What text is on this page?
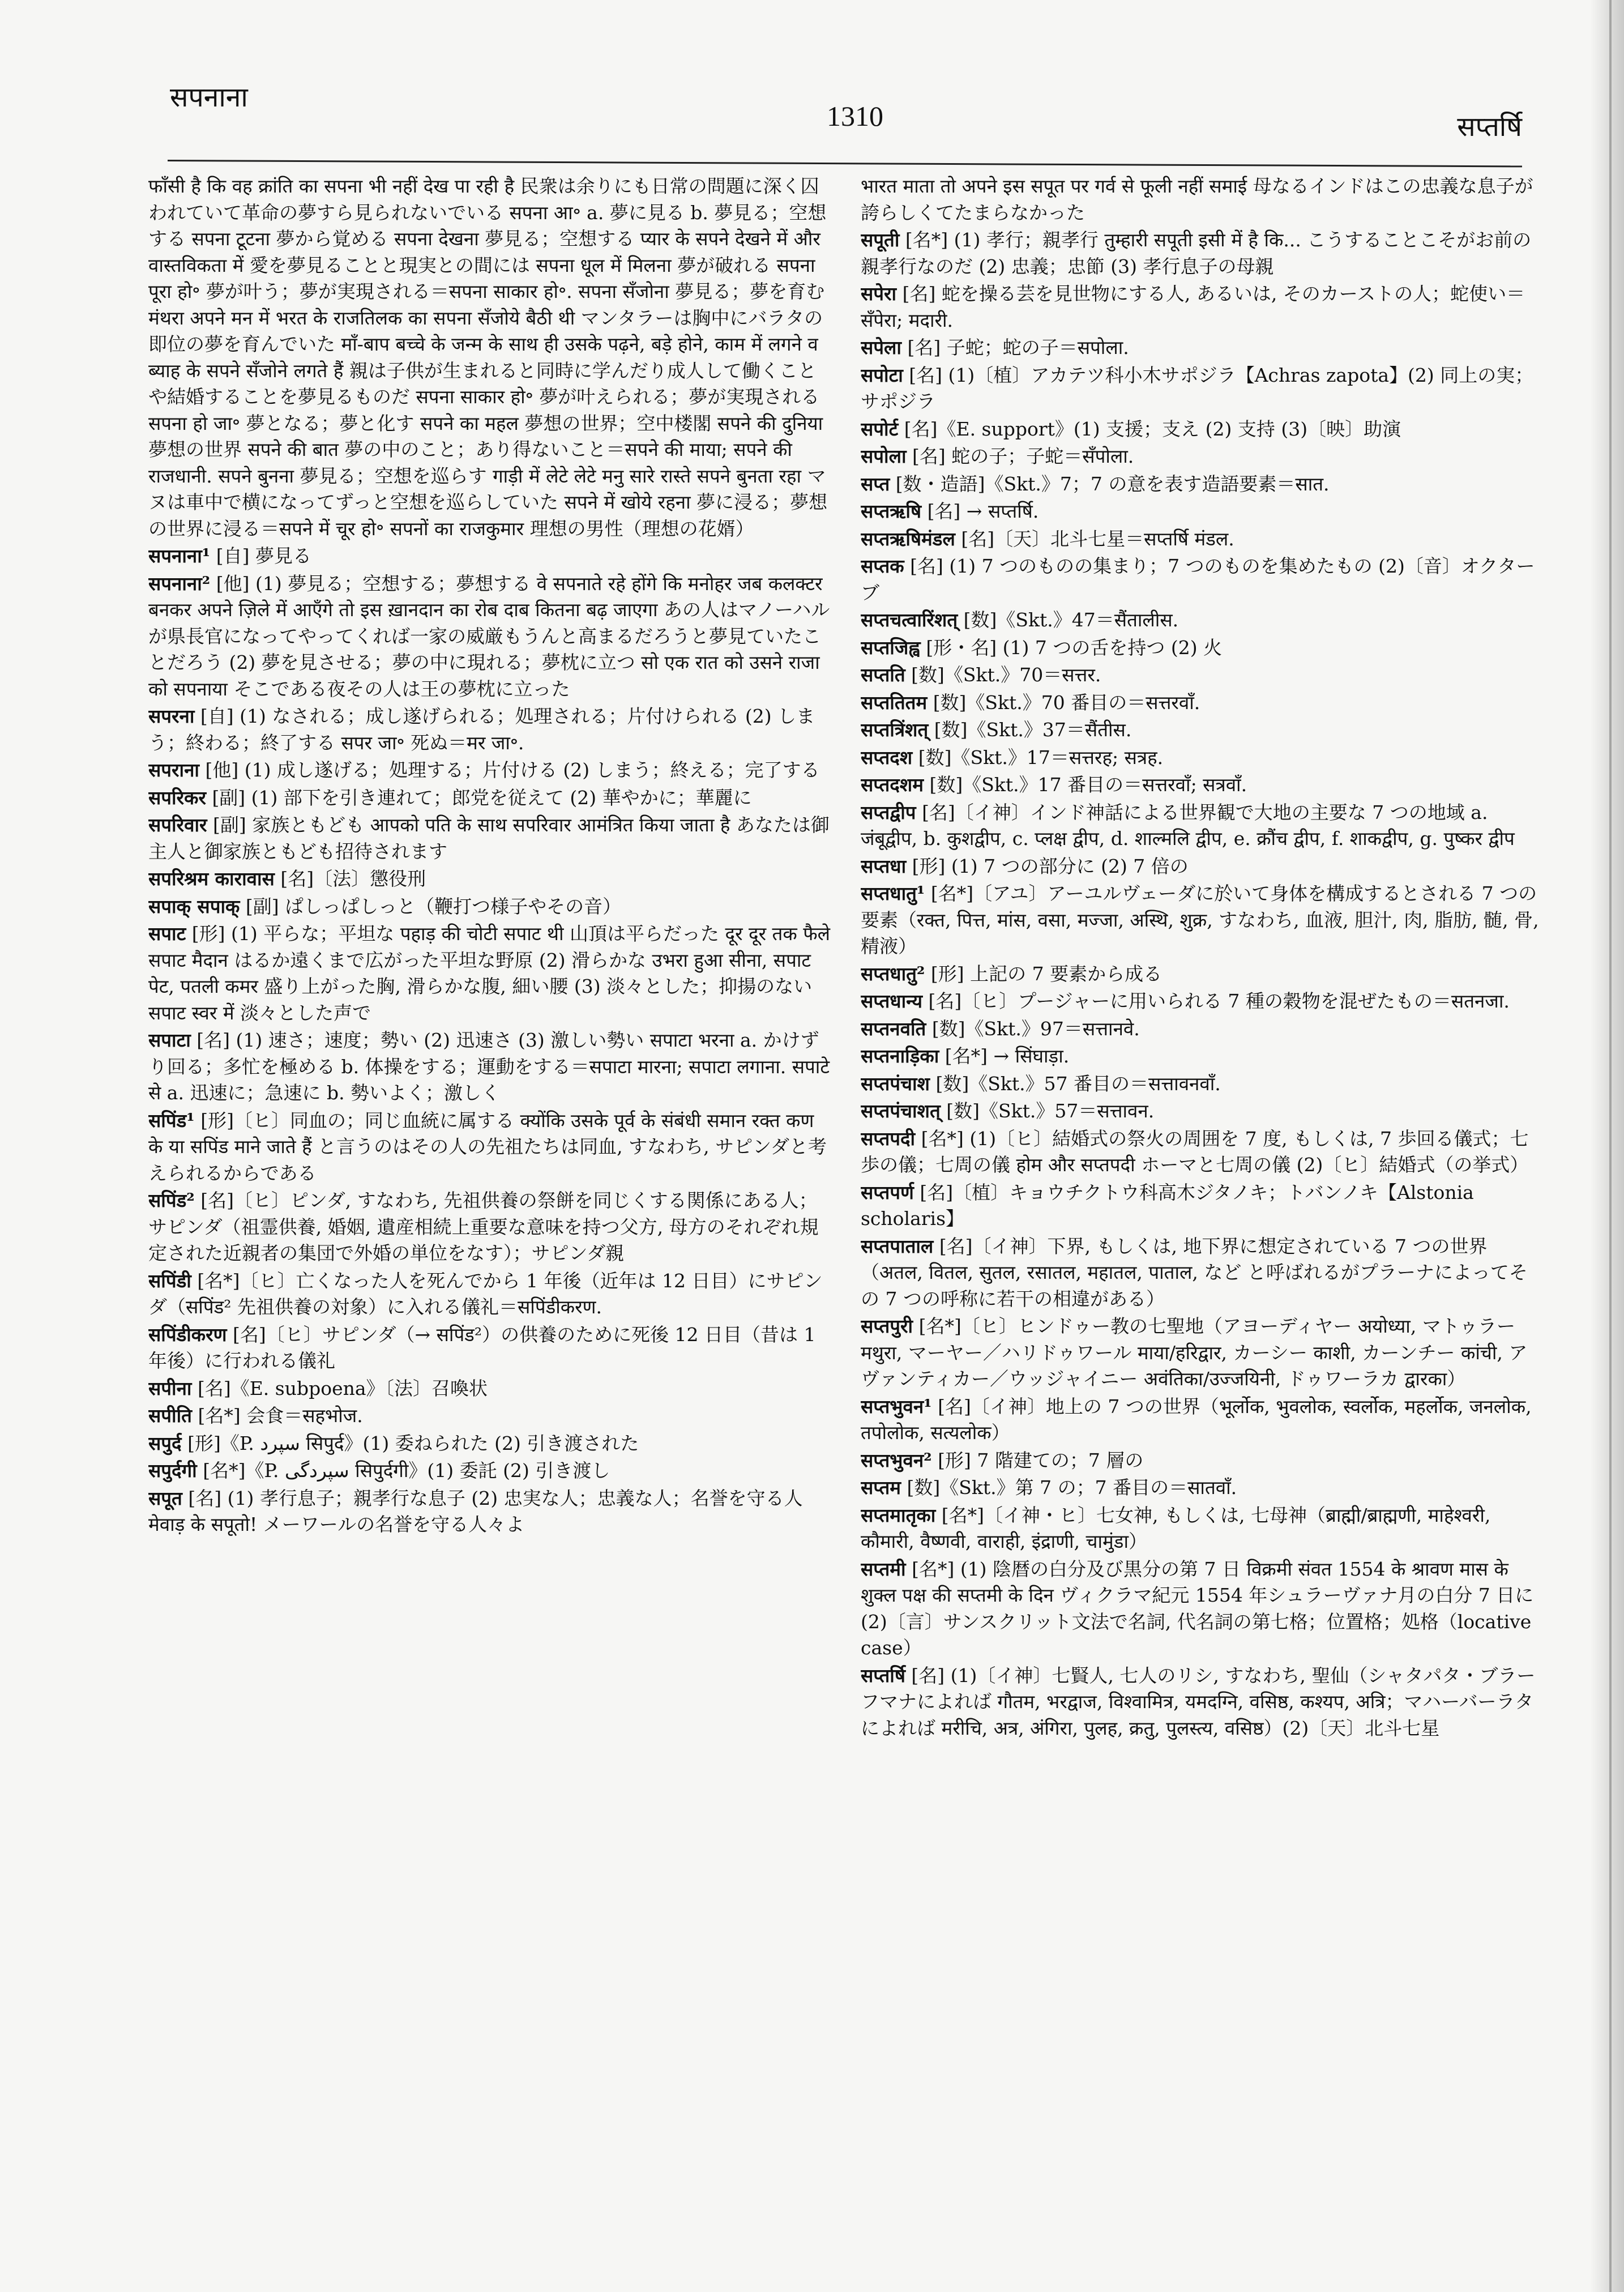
सपनाना
1310	सप्तर्षि
फाँसी है कि वह क्रांति का सपना भी नहीं देख पा रही है 民衆は余りにも日常の問題に深く囚われていて革命の夢すら見られないでいる सपना आ॰ a. 夢に見る b. 夢見る；空想する सपना टूटना 夢から覚める सपना देखना 夢見る；空想する प्यार के सपने देखने में और वास्तविकता में 愛を夢見ることと現実との間には सपना धूल में मिलना 夢が破れる सपना पूरा हो॰ 夢が叶う；夢が実現される＝सपना साकार हो॰. सपना सँजोना 夢見る；夢を育む मंथरा अपने मन में भरत के राजतिलक का सपना सँजोये बैठी थी マンタラーは胸中にバラタの即位の夢を育んでいた माँ-बाप बच्चे के जन्म के साथ ही उसके पढ़ने, बड़े होने, काम में लगने व ब्याह के सपने सँजोने लगते हैं 親は子供が生まれると同時に学んだり成人して働くことや結婚することを夢見るものだ सपना साकार हो॰ 夢が叶えられる；夢が実現される सपना हो जा॰ 夢となる；夢と化す सपने का महल 夢想の世界；空中楼閣 सपने की दुनिया 夢想の世界 सपने की बात 夢の中のこと；あり得ないこと＝सपने की माया; सपने की राजधानी. सपने बुनना 夢見る；空想を巡らす गाड़ी में लेटे लेटे मनु सारे रास्ते सपने बुनता रहा マヌは車中で横になってずっと空想を巡らしていた सपने में खोये रहना 夢に浸る；夢想の世界に浸る＝सपने में चूर हो॰ सपनों का राजकुमार 理想の男性（理想の花婿）
सपनाना¹ [自] 夢見る
सपनाना² [他] (1) 夢見る；空想する；夢想する वे सपनाते रहे होंगे कि मनोहर जब कलक्टर बनकर अपने ज़िले में आएँगे तो इस ख़ानदान का रोब दाब कितना बढ़ जाएगा あの人はマノーハルが県長官になってやってくれば一家の威厳もうんと高まるだろうと夢見ていたことだろう (2) 夢を見させる；夢の中に現れる；夢枕に立つ सो एक रात को उसने राजा को सपनाया そこである夜その人は王の夢枕に立った
सपरना [自] (1) なされる；成し遂げられる；処理される；片付けられる (2) しまう；終わる；終了する सपर जा॰ 死ぬ＝मर जा॰.
सपराना [他] (1) 成し遂げる；処理する；片付ける (2) しまう；終える；完了する
सपरिकर [副] (1) 部下を引き連れて；郎党を従えて (2) 華やかに；華麗に
सपरिवार [副] 家族ともども आपको पति के साथ सपरिवार आमंत्रित किया जाता है あなたは御主人と御家族ともども招待されます
सपरिश्रम कारावास [名]〔法〕懲役刑
सपाक् सपाक् [副] ぱしっぱしっと（鞭打つ様子やその音）
सपाट [形] (1) 平らな；平坦な पहाड़ की चोटी सपाट थी 山頂は平らだった दूर दूर तक फैले सपाट मैदान はるか遠くまで広がった平坦な野原 (2) 滑らかな उभरा हुआ सीना, सपाट पेट, पतली कमर 盛り上がった胸, 滑らかな腹, 細い腰 (3) 淡々とした；抑揚のない सपाट स्वर में 淡々とした声で
सपाटा [名] (1) 速さ；速度；勢い (2) 迅速さ (3) 激しい勢い सपाटा भरना a. かけずり回る；多忙を極める b. 体操をする；運動をする＝सपाटा मारना; सपाटा लगाना. सपाटे से a. 迅速に；急速に b. 勢いよく；激しく
सपिंड¹ [形]〔ヒ〕同血の；同じ血統に属する क्योंकि उसके पूर्व के संबंधी समान रक्त कण के या सपिंड माने जाते हैं と言うのはその人の先祖たちは同血, すなわち, サピンダと考えられるからである
सपिंड² [名]〔ヒ〕ピンダ, すなわち, 先祖供養の祭餅を同じくする関係にある人；サピンダ（祖霊供養, 婚姻, 遺産相続上重要な意味を持つ父方, 母方のそれぞれ規定された近親者の集団で外婚の単位をなす）；サピンダ親
सपिंडी [名*]〔ヒ〕亡くなった人を死んでから 1 年後（近年は 12 日目）にサピンダ（सपिंड² 先祖供養の対象）に入れる儀礼＝सपिंडीकरण.
सपिंडीकरण [名]〔ヒ〕サピンダ（→ सपिंड²）の供養のために死後 12 日目（昔は 1 年後）に行われる儀礼
सपीना [名]《E. subpoena》〔法〕召喚状
सपीति [名*] 会食＝सहभोज.
सपुर्द [形]《P. سپرد सिपुर्द》(1) 委ねられた (2) 引き渡された
सपुर्दगी [名*]《P. سپردگی सिपुर्दगी》(1) 委託 (2) 引き渡し
सपूत [名] (1) 孝行息子；親孝行な息子 (2) 忠実な人；忠義な人；名誉を守る人 मेवाड़ के सपूतो! メーワールの名誉を守る人々よ
भारत माता तो अपने इस सपूत पर गर्व से फूली नहीं समाई 母なるインドはこの忠義な息子が誇らしくてたまらなかった
सपूती [名*] (1) 孝行；親孝行 तुम्हारी सपूती इसी में है कि... こうすることこそがお前の親孝行なのだ (2) 忠義；忠節 (3) 孝行息子の母親
सपेरा [名] 蛇を操る芸を見世物にする人, あるいは, そのカーストの人；蛇使い＝सँपेरा; मदारी.
सपेला [名] 子蛇；蛇の子＝सपोला.
सपोटा [名] (1)〔植〕アカテツ科小木サポジラ【Achras zapota】(2) 同上の実；サポジラ
सपोर्ट [名]《E. support》(1) 支援；支え (2) 支持 (3)〔映〕助演
सपोला [名] 蛇の子；子蛇＝सँपोला.
सप्त [数・造語]《Skt.》7；7 の意を表す造語要素＝सात.
सप्तऋषि [名] → सप्तर्षि.
सप्तऋषिमंडल [名]〔天〕北斗七星＝सप्तर्षि मंडल.
सप्तक [名] (1) 7 つのものの集まり；7 つのものを集めたもの (2)〔音〕オクターブ
सप्तचत्वारिंशत् [数]《Skt.》47＝सैंतालीस.
सप्तजिह्व [形・名] (1) 7 つの舌を持つ (2) 火
सप्तति [数]《Skt.》70＝सत्तर.
सप्ततितम [数]《Skt.》70 番目の＝सत्तरवाँ.
सप्तत्रिंशत् [数]《Skt.》37＝सैंतीस.
सप्तदश [数]《Skt.》17＝सत्तरह; सत्रह.
सप्तदशम [数]《Skt.》17 番目の＝सत्तरवाँ; सत्रवाँ.
सप्तद्वीप [名]〔イ神〕インド神話による世界観で大地の主要な 7 つの地域 a. जंबूद्वीप, b. कुशद्वीप, c. प्लक्ष द्वीप, d. शाल्मलि द्वीप, e. क्रौंच द्वीप, f. शाकद्वीप, g. पुष्कर द्वीप
सप्तधा [形] (1) 7 つの部分に (2) 7 倍の
सप्तधातु¹ [名*]〔アユ〕アーユルヴェーダに於いて身体を構成するとされる 7 つの要素（रक्त, पित्त, मांस, वसा, मज्जा, अस्थि, शुक्र, すなわち, 血液, 胆汁, 肉, 脂肪, 髄, 骨, 精液）
सप्तधातु² [形] 上記の 7 要素から成る
सप्तधान्य [名]〔ヒ〕プージャーに用いられる 7 種の穀物を混ぜたもの＝सतनजा.
सप्तनवति [数]《Skt.》97＝सत्तानवे.
सप्तनाड़िका [名*] → सिंघाड़ा.
सप्तपंचाश [数]《Skt.》57 番目の＝सत्तावनवाँ.
सप्तपंचाशत् [数]《Skt.》57＝सत्तावन.
सप्तपदी [名*] (1)〔ヒ〕結婚式の祭火の周囲を 7 度, もしくは, 7 歩回る儀式；七歩の儀；七周の儀 होम और सप्तपदी ホーマと七周の儀 (2)〔ヒ〕結婚式（の挙式）
सप्तपर्ण [名]〔植〕キョウチクトウ科高木ジタノキ；トバンノキ【Alstonia scholaris】
सप्तपाताल [名]〔イ神〕下界, もしくは, 地下界に想定されている 7 つの世界（अतल, वितल, सुतल, रसातल, महातल, पाताल, など と呼ばれるがプラーナによってその 7 つの呼称に若干の相違がある）
सप्तपुरी [名*]〔ヒ〕ヒンドゥー教の七聖地（アヨーディヤー अयोध्या, マトゥラー मथुरा, マーヤー／ハリドゥワール माया/हरिद्वार, カーシー काशी, カーンチー कांची, アヴァンティカー／ウッジャイニー अवंतिका/उज्जयिनी, ドゥワーラカ द्वारका）
सप्तभुवन¹ [名]〔イ神〕地上の 7 つの世界（भूर्लोक, भुवलोक, स्वर्लोक, महर्लोक, जनलोक, तपोलोक, सत्यलोक）
सप्तभुवन² [形] 7 階建ての；7 層の
सप्तम [数]《Skt.》第 7 の；7 番目の＝सातवाँ.
सप्तमातृका [名*]〔イ神・ヒ〕七女神, もしくは, 七母神（ब्राह्मी/ब्राह्मणी, माहेश्वरी, कौमारी, वैष्णवी, वाराही, इंद्राणी, चामुंडा）
सप्तमी [名*] (1) 陰暦の白分及び黒分の第 7 日 विक्रमी संवत 1554 के श्रावण मास के शुक्ल पक्ष की सप्तमी के दिन ヴィクラマ紀元 1554 年シュラーヴァナ月の白分 7 日に (2)〔言〕サンスクリット文法で名詞, 代名詞の第七格；位置格；処格（locative case）
सप्तर्षि [名] (1)〔イ神〕七賢人, 七人のリシ, すなわち, 聖仙（シャタパタ・ブラーフマナによれば गौतम, भरद्वाज, विश्वामित्र, यमदग्नि, वसिष्ठ, कश्यप, अत्रि；マハーバーラタによれば मरीचि, अत्र, अंगिरा, पुलह, क्रतु, पुलस्त्य, वसिष्ठ）(2)〔天〕北斗七星
